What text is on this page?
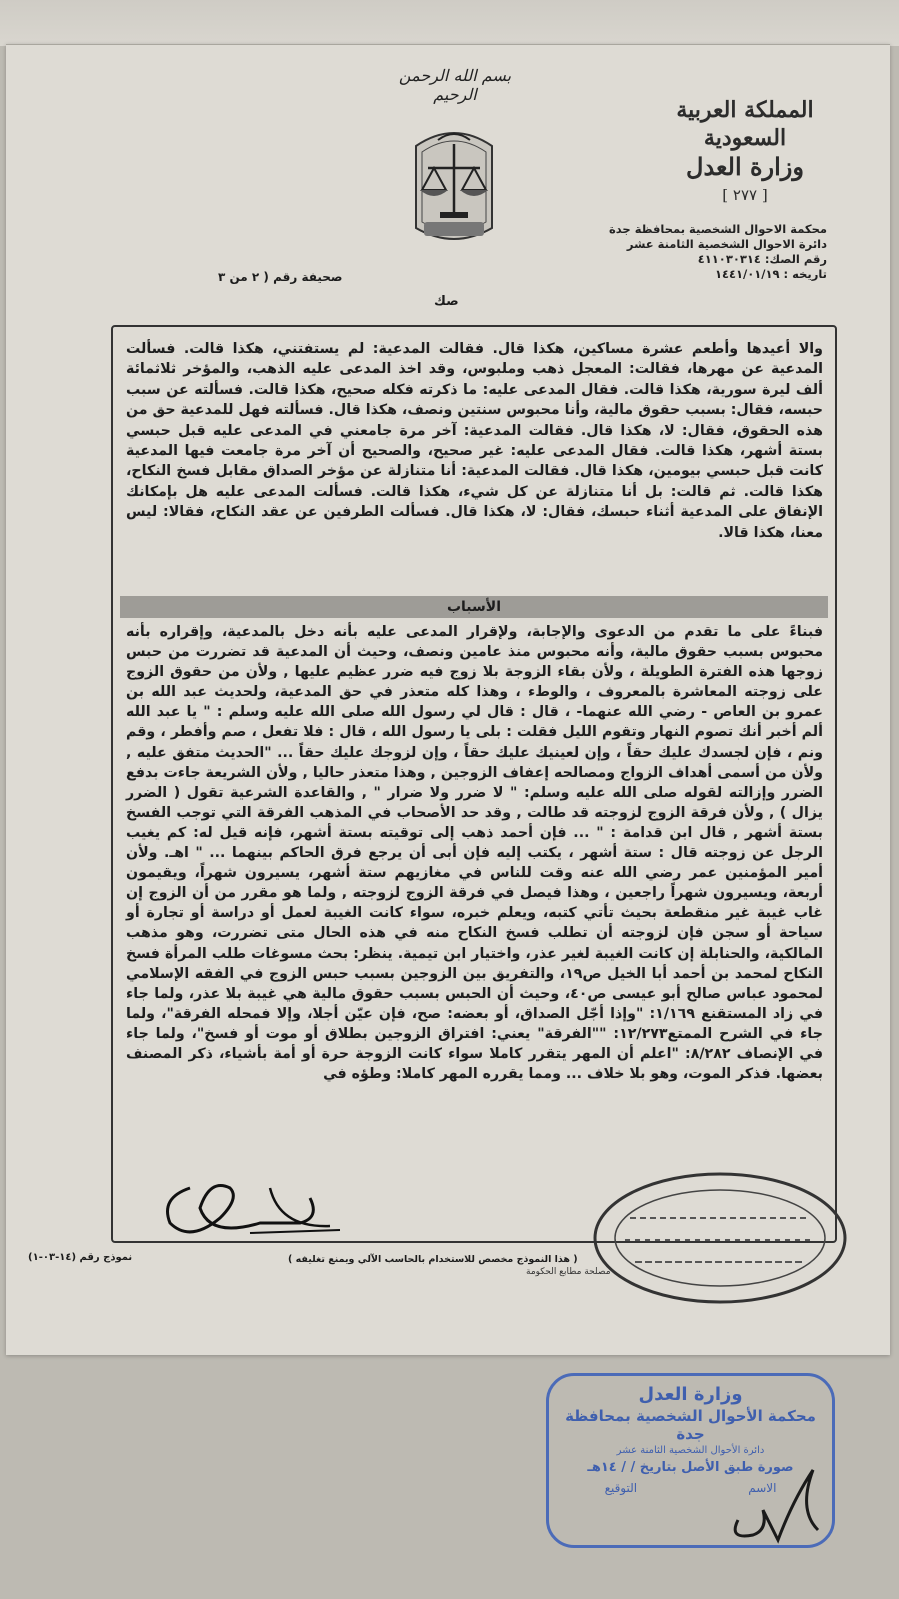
بسم الله الرحمن الرحيم
المملكة العربية السعودية
وزارة العدل
[ ٢٧٧ ]
محكمة الاحوال الشخصية بمحافظة جدة
دائرة الاحوال الشخصية الثامنة عشر
رقم الصك: ٤١١٠٣٠٣١٤
تاريخه : ١٤٤١/٠١/١٩
صحيفة رقم ( ٢ من ٣
صك
والا أعيدها وأطعم عشرة مساكين، هكذا قال. فقالت المدعية: لم يستفتني، هكذا قالت. فسألت المدعية عن مهرها، فقالت: المعجل ذهب وملبوس، وقد اخذ المدعى عليه الذهب، والمؤخر ثلاثمائة ألف ليرة سورية، هكذا قالت. فقال المدعى عليه: ما ذكرته فكله صحيح، هكذا قالت. فسألته عن سبب حبسه، فقال: بسبب حقوق مالية، وأنا محبوس سنتين ونصف، هكذا قال. فسألته فهل للمدعية حق من هذه الحقوق، فقال: لا، هكذا قال. فقالت المدعية: آخر مرة جامعني في المدعى عليه قبل حبسي بستة أشهر، هكذا قالت. فقال المدعى عليه: غير صحيح، والصحيح أن آخر مرة جامعت فيها المدعية كانت قبل حبسي بيومين، هكذا قال. فقالت المدعية: أنا متنازلة عن مؤخر الصداق مقابل فسخ النكاح، هكذا قالت. ثم قالت: بل أنا متنازلة عن كل شيء، هكذا قالت. فسألت المدعى عليه هل بإمكانك الإنفاق على المدعية أثناء حبسك، فقال: لا، هكذا قال. فسألت الطرفين عن عقد النكاح، فقالا: ليس معنا، هكذا قالا.
الأسباب
فبناءً على ما تقدم من الدعوى والإجابة، ولإقرار المدعى عليه بأنه دخل بالمدعية، وإقراره بأنه محبوس بسبب حقوق مالية، وأنه محبوس منذ عامين ونصف، وحيث أن المدعية قد تضررت من حبس زوجها هذه الفترة الطويلة ، ولأن بقاء الزوجة بلا زوج فيه ضرر عظيم عليها , ولأن من حقوق الزوج على زوجته المعاشرة بالمعروف ، والوطء ، وهذا كله متعذر في حق المدعية، ولحديث عبد الله بن عمرو بن العاص - رضي الله عنهما- ، قال : قال لي رسول الله صلى الله عليه وسلم : " يا عبد الله ألم أخبر أنك تصوم النهار وتقوم الليل فقلت : بلى يا رسول الله ، قال : فلا تفعل ، صم وأفطر ، وقم ونم ، فإن لجسدك عليك حقاً ، وإن لعينيك عليك حقاً ، وإن لزوجك عليك حقاً ... "الحديث متفق عليه , ولأن من أسمى أهداف الزواج ومصالحه إعفاف الزوجين , وهذا متعذر حاليا , ولأن الشريعة جاءت بدفع الضرر وإزالته لقوله صلى الله عليه وسلم: " لا ضرر ولا ضرار " , والقاعدة الشرعية تقول ( الضرر يزال ) , ولأن فرقة الزوج لزوجته قد طالت , وقد حد الأصحاب في المذهب الفرقة التي توجب الفسخ بستة أشهر , قال ابن قدامة : " ... فإن أحمد ذهب إلى توقيته بستة أشهر، فإنه قيل له: كم يغيب الرجل عن زوجته قال : ستة أشهر ، يكتب إليه فإن أبى أن يرجع فرق الحاكم بينهما ... " اهـ. ولأن أمير المؤمنين عمر رضي الله عنه وقت للناس في مغازيهم ستة أشهر، يسيرون شهراً، ويقيمون أربعة، ويسيرون شهراً راجعين ، وهذا فيصل في فرقة الزوج لزوجته , ولما هو مقرر من أن الزوج إن غاب غيبة غير منقطعة بحيث تأتي كتبه، ويعلم خبره، سواء كانت الغيبة لعمل أو دراسة أو تجارة أو سياحة أو سجن فإن لزوجته أن تطلب فسخ النكاح منه في هذه الحال متى تضررت، وهو مذهب المالكية، والحنابلة إن كانت الغيبة لغير عذر، واختيار ابن تيمية. ينظر: بحث مسوغات طلب المرأة فسخ النكاح لمحمد بن أحمد أبا الخيل ص١٩، والتفريق بين الزوجين بسبب حبس الزوج في الفقه الإسلامي لمحمود عباس صالح أبو عيسى ص٤٠، وحيث أن الحبس بسبب حقوق مالية هي غيبة بلا عذر، ولما جاء في زاد المستقنع ١/١٦٩: "وإذا أجّل الصداق، أو بعضه: صح، فإن عيّن أجلا، وإلا فمحله الفرقة"، ولما جاء في الشرح الممتع١٢/٢٧٣: ""الفرقة" يعني: افتراق الزوجين بطلاق أو موت أو فسخ"، ولما جاء في الإنصاف ٨/٢٨٢: "اعلم أن المهر يتقرر كاملا سواء كانت الزوجة حرة أو أمة بأشياء، ذكر المصنف بعضها. فذكر الموت، وهو بلا خلاف ... ومما يقرره المهر كاملا: وطؤه في
نموذج رقم (١٤-٠٣-١)	( هذا النموذج مخصص للاستخدام بالحاسب الآلي ويمنع تغليفه )
مصلحة مطابع الحكومة
وزارة العدل
محكمة الأحوال الشخصية بمحافظة جدة
دائرة الأحوال الشخصية الثامنة عشر
صورة طبق الأصل بتاريخ / / ١٤هـ
الاسم
التوقيع
